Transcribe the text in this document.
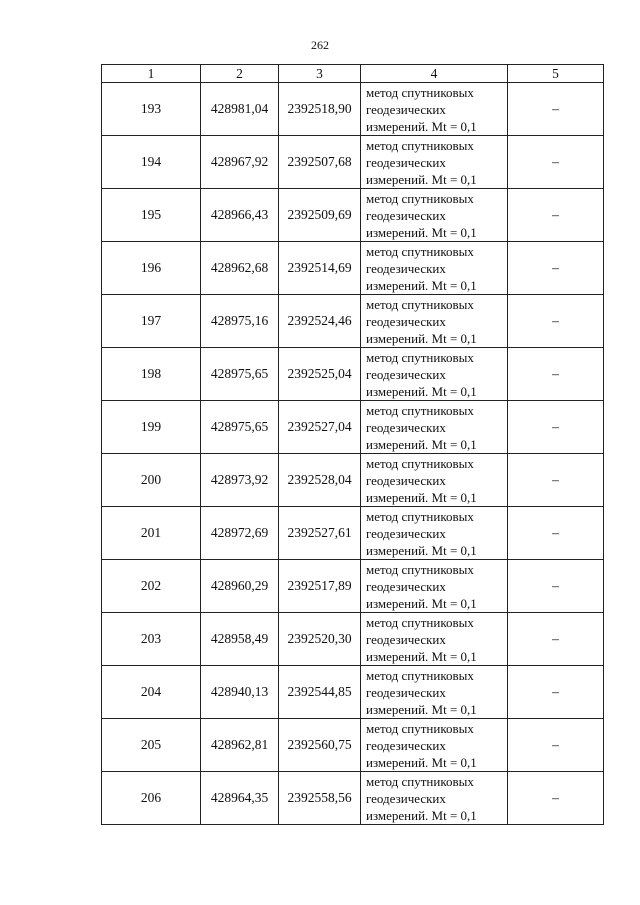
262
1	2	3	4	5
193	428981,04	2392518,90	метод спутниковых
геодезических
измерений. Mt = 0,1	–
194	428967,92	2392507,68	метод спутниковых
геодезических
измерений. Mt = 0,1	–
195	428966,43	2392509,69	метод спутниковых
геодезических
измерений. Mt = 0,1	–
196	428962,68	2392514,69	метод спутниковых
геодезических
измерений. Mt = 0,1	–
197	428975,16	2392524,46	метод спутниковых
геодезических
измерений. Mt = 0,1	–
198	428975,65	2392525,04	метод спутниковых
геодезических
измерений. Mt = 0,1	–
199	428975,65	2392527,04	метод спутниковых
геодезических
измерений. Mt = 0,1	–
200	428973,92	2392528,04	метод спутниковых
геодезических
измерений. Mt = 0,1	–
201	428972,69	2392527,61	метод спутниковых
геодезических
измерений. Mt = 0,1	–
202	428960,29	2392517,89	метод спутниковых
геодезических
измерений. Mt = 0,1	–
203	428958,49	2392520,30	метод спутниковых
геодезических
измерений. Mt = 0,1	–
204	428940,13	2392544,85	метод спутниковых
геодезических
измерений. Mt = 0,1	–
205	428962,81	2392560,75	метод спутниковых
геодезических
измерений. Mt = 0,1	–
206	428964,35	2392558,56	метод спутниковых
геодезических
измерений. Mt = 0,1	–
